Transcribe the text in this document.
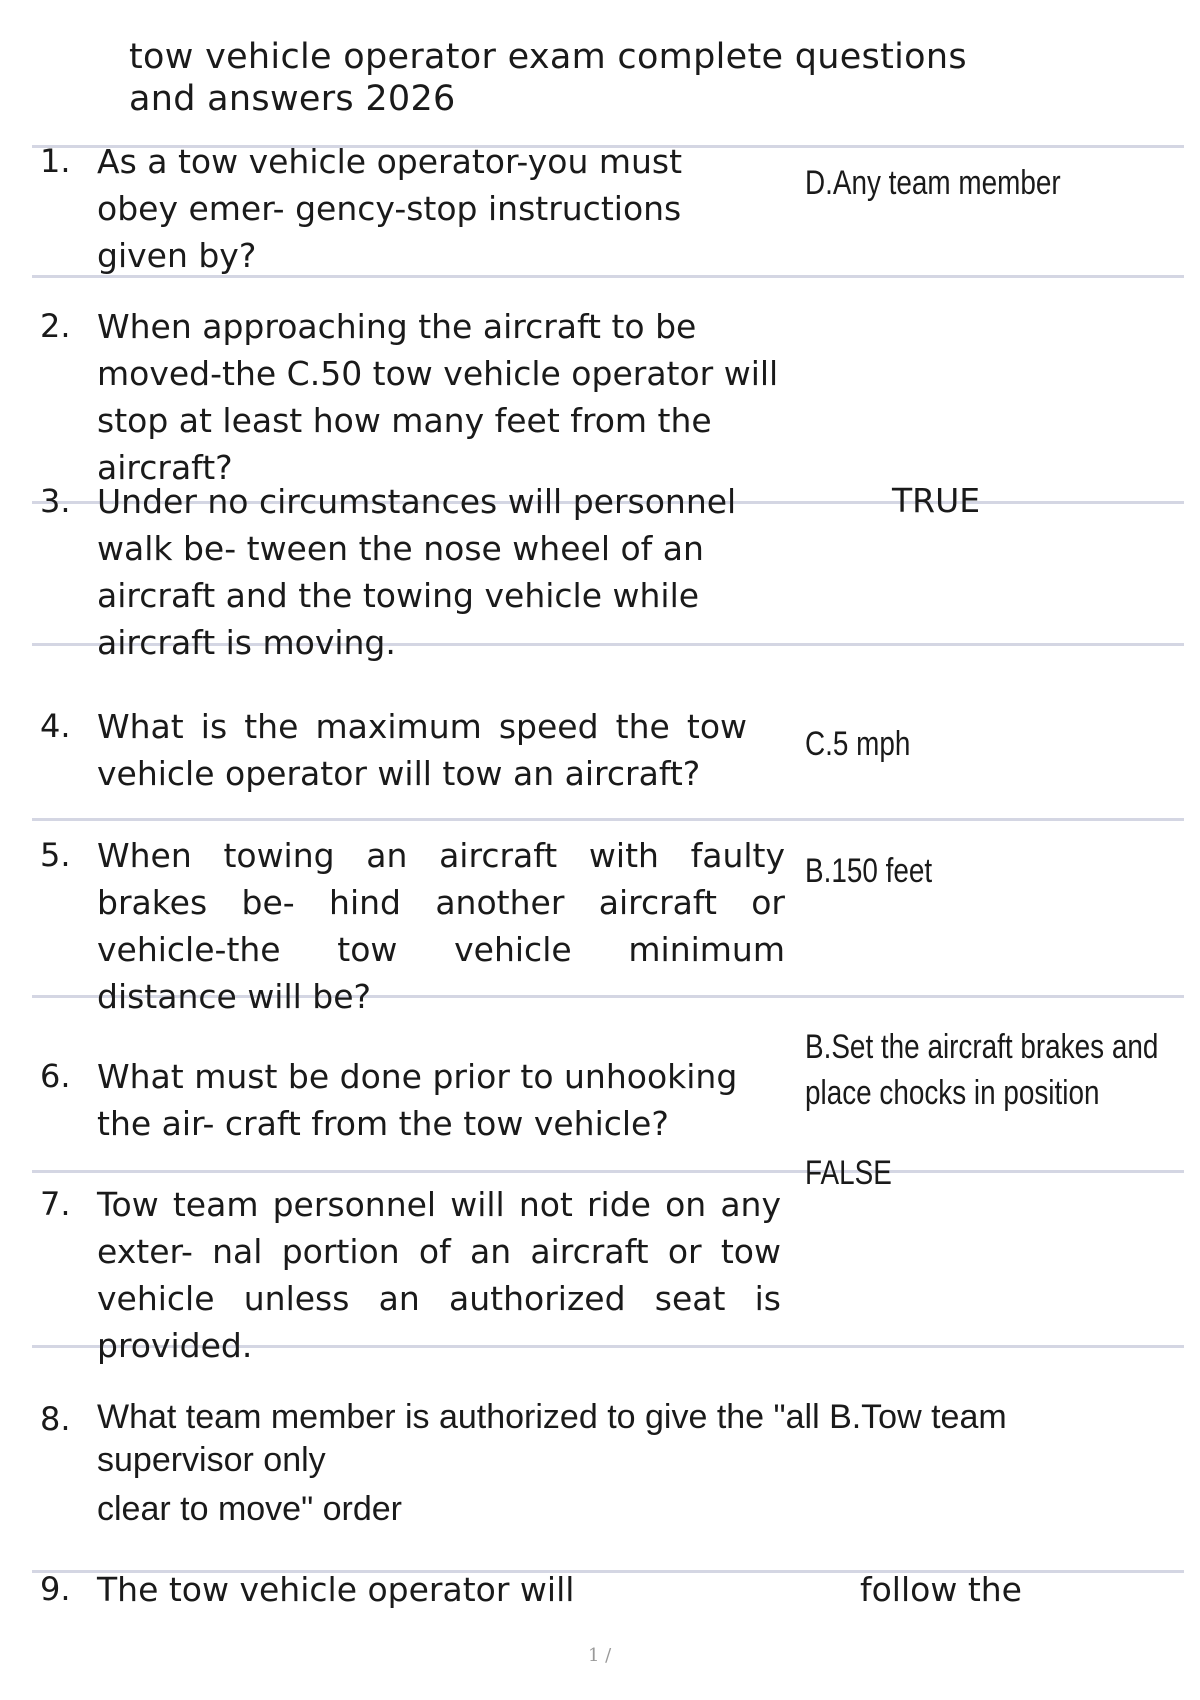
tow vehicle operator exam complete questions and answers 2026
1. As a tow vehicle operator-you must obey emer- gency-stop instructions given by?
D.Any team member
2. When approaching the aircraft to be moved-the C.50 tow vehicle operator will stop at least how many feet from the aircraft?
3. Under no circumstances will personnel walk be- tween the nose wheel of an aircraft and the towing vehicle while aircraft is moving.
TRUE
4. What is the maximum speed the tow vehicle operator will tow an aircraft?
C.5 mph
5. When towing an aircraft with faulty brakes be- hind another aircraft or vehicle-the tow vehicle minimum distance will be?
B.150 feet
6. What must be done prior to unhooking the air- craft from the tow vehicle?
B.Set the aircraft brakes and place chocks in position
7. Tow team personnel will not ride on any exter- nal portion of an aircraft or tow vehicle unless an authorized seat is provided.
FALSE
8. What team member is authorized to give the "all B.Tow team supervisor only
clear to move" order
9. The tow vehicle operator will	follow the
1 /
